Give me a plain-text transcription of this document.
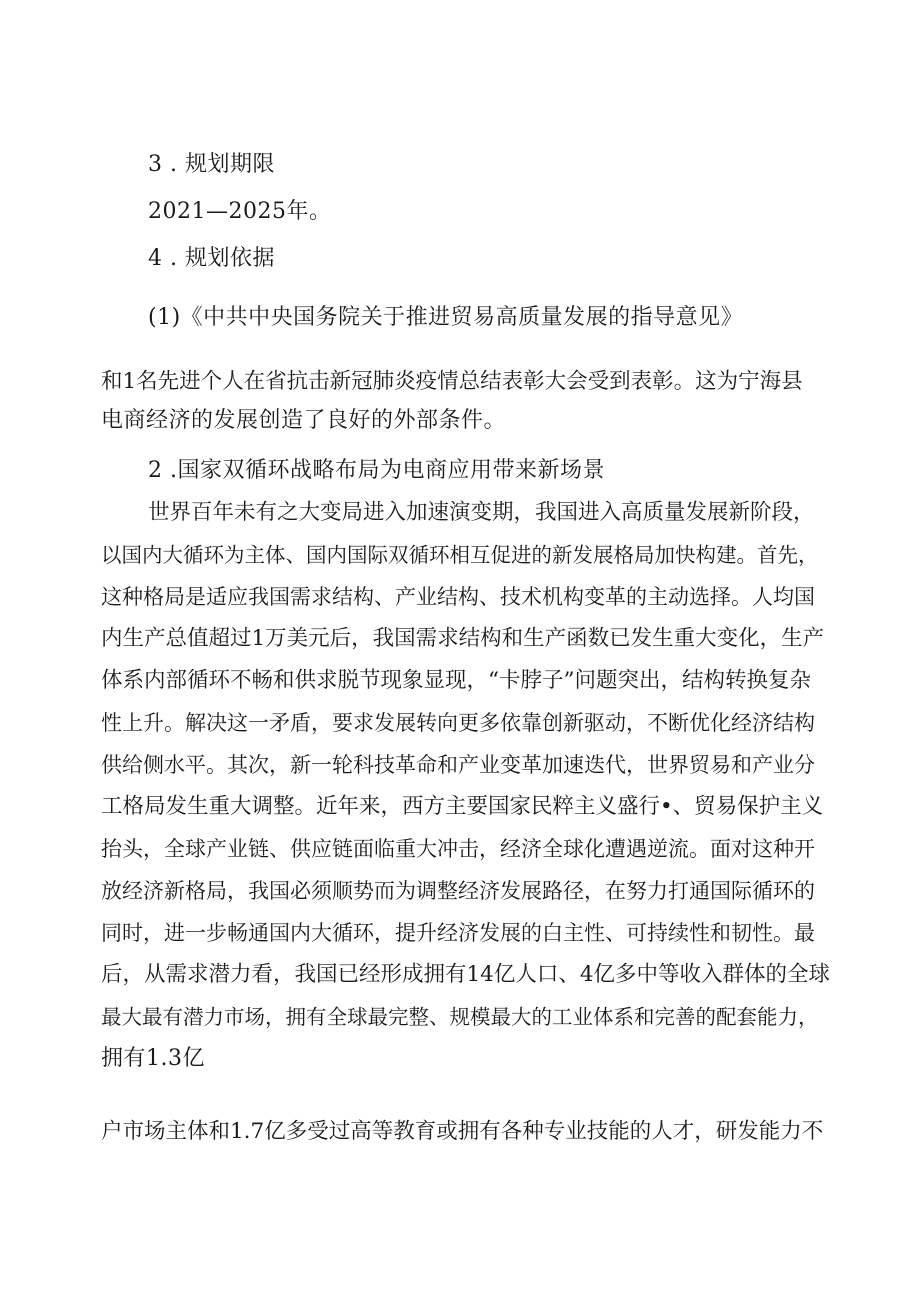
3 . 规划期限
2021—2025年。
4 . 规划依据
(1)《中共中央国务院关于推进贸易高质量发展的指导意见》
和1名先进个人在省抗击新冠肺炎疫情总结表彰大会受到表彰。这为宁海县
电商经济的发展创造了良好的外部条件。
2 .国家双循环战略布局为电商应用带来新场景
世界百年未有之大变局进入加速演变期，我国进入高质量发展新阶段，
以国内大循环为主体、国内国际双循环相互促进的新发展格局加快构建。首先，
这种格局是适应我国需求结构、产业结构、技术机构变革的主动选择。人均国
内生产总值超过1万美元后，我国需求结构和生产函数已发生重大变化，生产
体系内部循环不畅和供求脱节现象显现，“卡脖子”问题突出，结构转换复杂
性上升。解决这一矛盾，要求发展转向更多依靠创新驱动，不断优化经济结构
供给侧水平。其次，新一轮科技革命和产业变革加速迭代，世界贸易和产业分
工格局发生重大调整。近年来，西方主要国家民粹主义盛行•、贸易保护主义
抬头，全球产业链、供应链面临重大冲击，经济全球化遭遇逆流。面对这种开
放经济新格局，我国必须顺势而为调整经济发展路径，在努力打通国际循环的
同时，进一步畅通国内大循环，提升经济发展的白主性、可持续性和韧性。最
后，从需求潜力看，我国已经形成拥有14亿人口、4亿多中等收入群体的全球
最大最有潜力市场，拥有全球最完整、规模最大的工业体系和完善的配套能力，
拥有1.3亿
户市场主体和1.7亿多受过高等教育或拥有各种专业技能的人才，研发能力不
